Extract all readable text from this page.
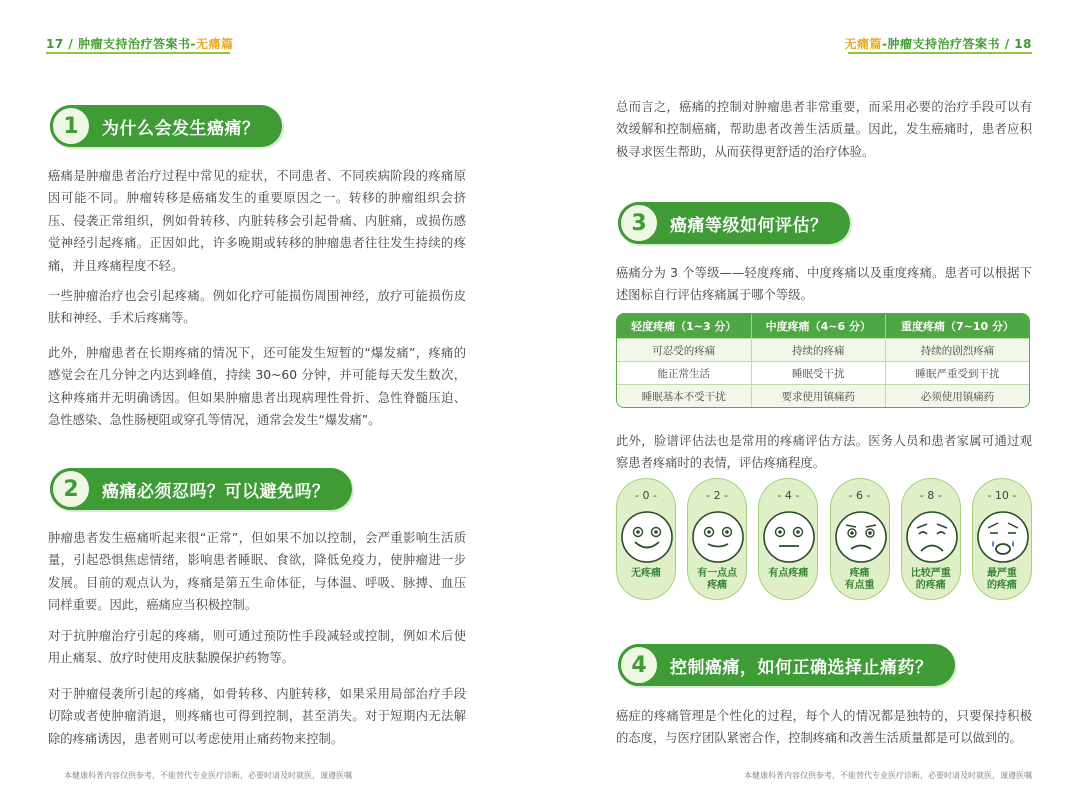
17 / 肿瘤支持治疗答案书-无痛篇
1	为什么会发生癌痛？

癌痛是肿瘤患者治疗过程中常见的症状，不同患者、不同疾病阶段的疼痛原因可能不同。肿瘤转移是癌痛发生的重要原因之一。转移的肿瘤组织会挤压、侵袭正常组织，例如骨转移、内脏转移会引起骨痛、内脏痛，或损伤感觉神经引起疼痛。正因如此，许多晚期或转移的肿瘤患者往往发生持续的疼痛，并且疼痛程度不轻。

一些肿瘤治疗也会引起疼痛。例如化疗可能损伤周围神经，放疗可能损伤皮肤和神经、手术后疼痛等。

此外，肿瘤患者在长期疼痛的情况下，还可能发生短暂的“爆发痛”，疼痛的感觉会在几分钟之内达到峰值，持续 30~60 分钟，并可能每天发生数次，这种疼痛并无明确诱因。但如果肿瘤患者出现病理性骨折、急性脊髓压迫、急性感染、急性肠梗阻或穿孔等情况，通常会发生“爆发痛”。

2	癌痛必须忍吗？可以避免吗？

肿瘤患者发生癌痛听起来很“正常”，但如果不加以控制，会严重影响生活质量，引起恐惧焦虑情绪，影响患者睡眠、食欲，降低免疫力，使肿瘤进一步发展。目前的观点认为，疼痛是第五生命体征，与体温、呼吸、脉搏、血压同样重要。因此，癌痛应当积极控制。

对于抗肿瘤治疗引起的疼痛，则可通过预防性手段减轻或控制，例如术后使用止痛泵、放疗时使用皮肤黏膜保护药物等。

对于肿瘤侵袭所引起的疼痛，如骨转移、内脏转移，如果采用局部治疗手段切除或者使肿瘤消退，则疼痛也可得到控制，甚至消失。对于短期内无法解除的疼痛诱因，患者则可以考虑使用止痛药物来控制。

本健康科普内容仅供参考，不能替代专业医疗诊断，必要时请及时就医，谨遵医嘱
无痛篇-肿瘤支持治疗答案书 / 18

总而言之，癌痛的控制对肿瘤患者非常重要，而采用必要的治疗手段可以有效缓解和控制癌痛，帮助患者改善生活质量。因此，发生癌痛时，患者应积极寻求医生帮助，从而获得更舒适的治疗体验。

3	癌痛等级如何评估？

癌痛分为 3 个等级——轻度疼痛、中度疼痛以及重度疼痛。患者可以根据下述图标自行评估疼痛属于哪个等级。

轻度疼痛（1~3 分）	中度疼痛（4~6 分）	重度疼痛（7~10 分）
可忍受的疼痛	持续的疼痛	持续的剧烈疼痛
能正常生活	睡眠受干扰	睡眠严重受到干扰
睡眠基本不受干扰	要求使用镇痛药	必须使用镇痛药

此外，脸谱评估法也是常用的疼痛评估方法。医务人员和患者家属可通过观察患者疼痛时的表情，评估疼痛程度。

- 0 -
无疼痛
- 2 -
有一点点
疼痛
- 4 -
有点疼痛
- 6 -
疼痛
有点重
- 8 -
比较严重
的疼痛
- 10 -
最严重
的疼痛
4	控制癌痛，如何正确选择止痛药？

癌症的疼痛管理是个性化的过程，每个人的情况都是独特的，只要保持积极的态度，与医疗团队紧密合作，控制疼痛和改善生活质量都是可以做到的。

本健康科普内容仅供参考，不能替代专业医疗诊断，必要时请及时就医，谨遵医嘱
